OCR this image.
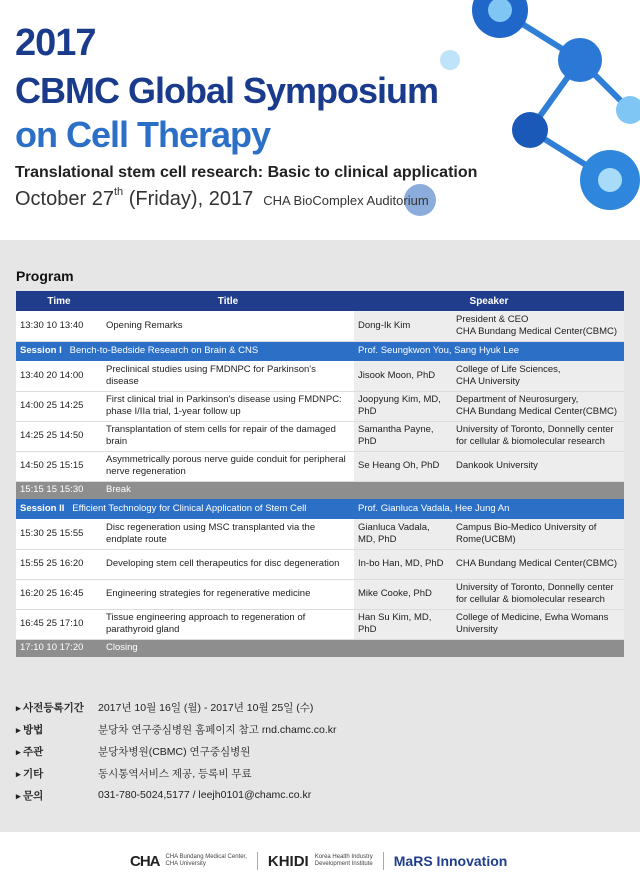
2017
CBMC Global Symposium
on Cell Therapy
Translational stem cell research: Basic to clinical application
October 27th (Friday), 2017 CHA BioComplex Auditorium
Program
Time	Title	Speaker	
13:30 10 13:40	Opening Remarks	Dong-Ik Kim	President & CEO
CHA Bundang Medical Center(CBMC)
Session I Bench-to-Bedside Research on Brain & CNS		Prof. Seungkwon You, Sang Hyuk Lee	
13:40 20 14:00	Preclinical studies using FMDNPC for Parkinson's disease	Jisook Moon, PhD	College of Life Sciences,
CHA University
14:00 25 14:25	First clinical trial in Parkinson's disease using FMDNPC: phase I/IIa trial, 1-year follow up	Joopyung Kim, MD, PhD	Department of Neurosurgery,
CHA Bundang Medical Center(CBMC)
14:25 25 14:50	Transplantation of stem cells for repair of the damaged brain	Samantha Payne, PhD	University of Toronto, Donnelly center
for cellular & biomolecular research
14:50 25 15:15	Asymmetrically porous nerve guide conduit for peripheral nerve regeneration	Se Heang Oh, PhD	Dankook University
15:15 15 15:30	Break		
Session II Efficient Technology for Clinical Application of Stem Cell		Prof. Gianluca Vadala, Hee Jung An	
15:30 25 15:55	Disc regeneration using MSC transplanted via the endplate route	Gianluca Vadala, MD, PhD	Campus Bio-Medico University of
Rome(UCBM)
15:55 25 16:20	Developing stem cell therapeutics for disc degeneration	In-bo Han, MD, PhD	CHA Bundang Medical Center(CBMC)
16:20 25 16:45	Engineering strategies for regenerative medicine	Mike Cooke, PhD	University of Toronto, Donnelly center
for cellular & biomolecular research
16:45 25 17:10	Tissue engineering approach to regeneration of parathyroid gland	Han Su Kim, MD, PhD	College of Medicine, Ewha Womans
University
17:10 10 17:20	Closing		
▸ 사전등록기간	2017년 10월 16일 (월) - 2017년 10월 25일 (수)
▸ 방법	분당차 연구중심병원 홈페이지 참고 rnd.chamc.co.kr
▸ 주관	분당차병원(CBMC) 연구중심병원
▸ 기타	동시통역서비스 제공, 등록비 무료
▸ 문의	031-780-5024,5177 / leejh0101@chamc.co.kr
CHA CHA Bundang Medical Center,
CHA University	KHIDI Korea Health Industry
Development Institute MaRS Innovation
